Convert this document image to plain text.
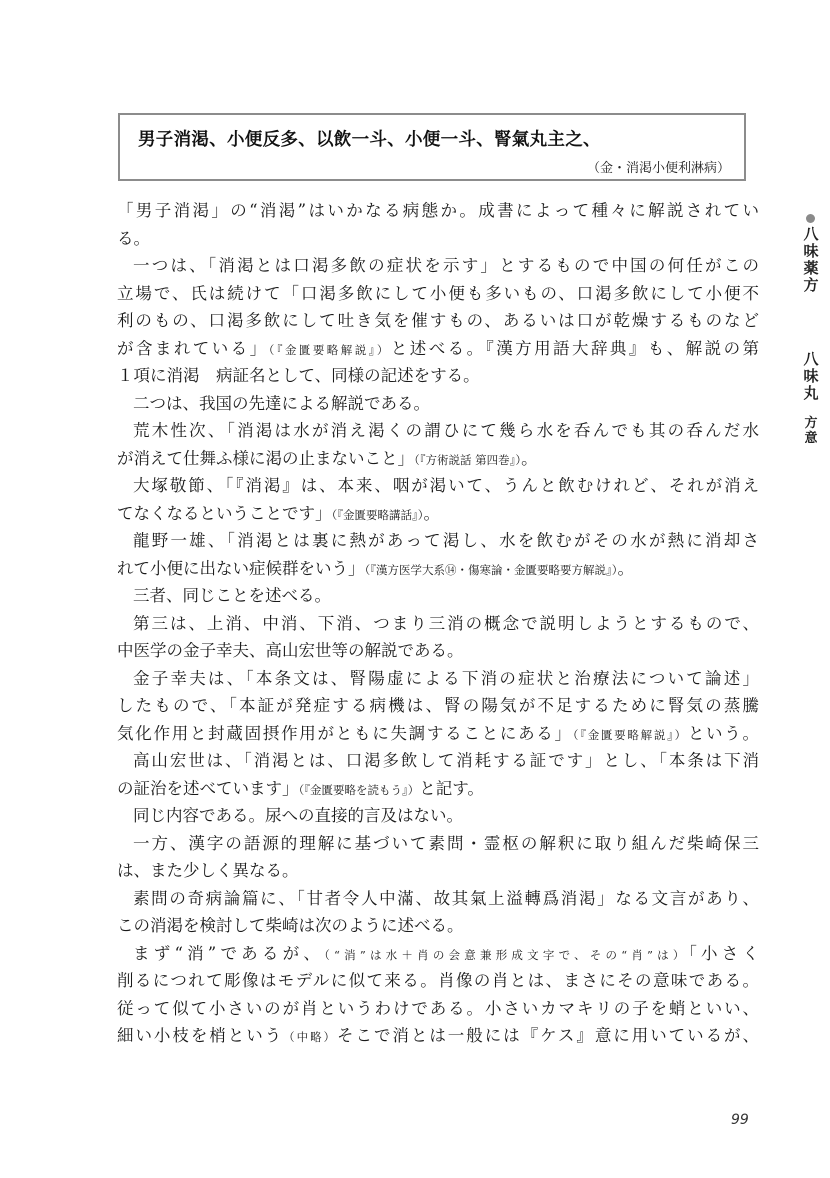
男子消渇、小便反多、以飲一斗、小便一斗、腎氣丸主之、
（金・消渇小便利淋病）
「男子消渇」の“消渇”はいかなる病態か。成書によって種々に解説されてい
る。
一つは、「消渇とは口渇多飲の症状を示す」とするもので中国の何任がこの
立場で、氏は続けて「口渇多飲にして小便も多いもの、口渇多飲にして小便不
利のもの、口渇多飲にして吐き気を催すもの、あるいは口が乾燥するものなど
が含まれている」（『金匱要略解説』）と述べる。『漢方用語大辞典』も、解説の第
１項に消渇　病証名として、同様の記述をする。
二つは、我国の先達による解説である。
荒木性次、「消渇は水が消え渇くの謂ひにて幾ら水を呑んでも其の呑んだ水
が消えて仕舞ふ様に渇の止まないこと」（『方術説話 第四巻』）。
大塚敬節、「『消渇』は、本来、咽が渇いて、うんと飲むけれど、それが消え
てなくなるということです」（『金匱要略講話』）。
龍野一雄、「消渇とは裏に熱があって渇し、水を飲むがその水が熱に消却さ
れて小便に出ない症候群をいう」（『漢方医学大系⑭・傷寒論・金匱要略要方解説』）。
三者、同じことを述べる。
第三は、上消、中消、下消、つまり三消の概念で説明しようとするもので、
中医学の金子幸夫、高山宏世等の解説である。
金子幸夫は、「本条文は、腎陽虚による下消の症状と治療法について論述」
したもので、「本証が発症する病機は、腎の陽気が不足するために腎気の蒸騰
気化作用と封蔵固摂作用がともに失調することにある」（『金匱要略解説』）という。
高山宏世は、「消渇とは、口渇多飲して消耗する証です」とし、「本条は下消
の証治を述べています」（『金匱要略を読もう』）と記す。
同じ内容である。尿への直接的言及はない。
一方、漢字の語源的理解に基づいて素問・霊枢の解釈に取り組んだ柴崎保三
は、また少しく異なる。
素問の奇病論篇に、「甘者令人中滿、故其氣上溢轉爲消渇」なる文言があり、
この消渇を検討して柴崎は次のように述べる。
まず“消”であるが、（“消”は水＋肖の会意兼形成文字で、その“肖”は）「小さく
削るにつれて彫像はモデルに似て来る。肖像の肖とは、まさにその意味である。
従って似て小さいのが肖というわけである。小さいカマキリの子を蛸といい、
細い小枝を梢という（中略）そこで消とは一般には『ケス』意に用いているが、
八味薬方
八味丸
方意
99
